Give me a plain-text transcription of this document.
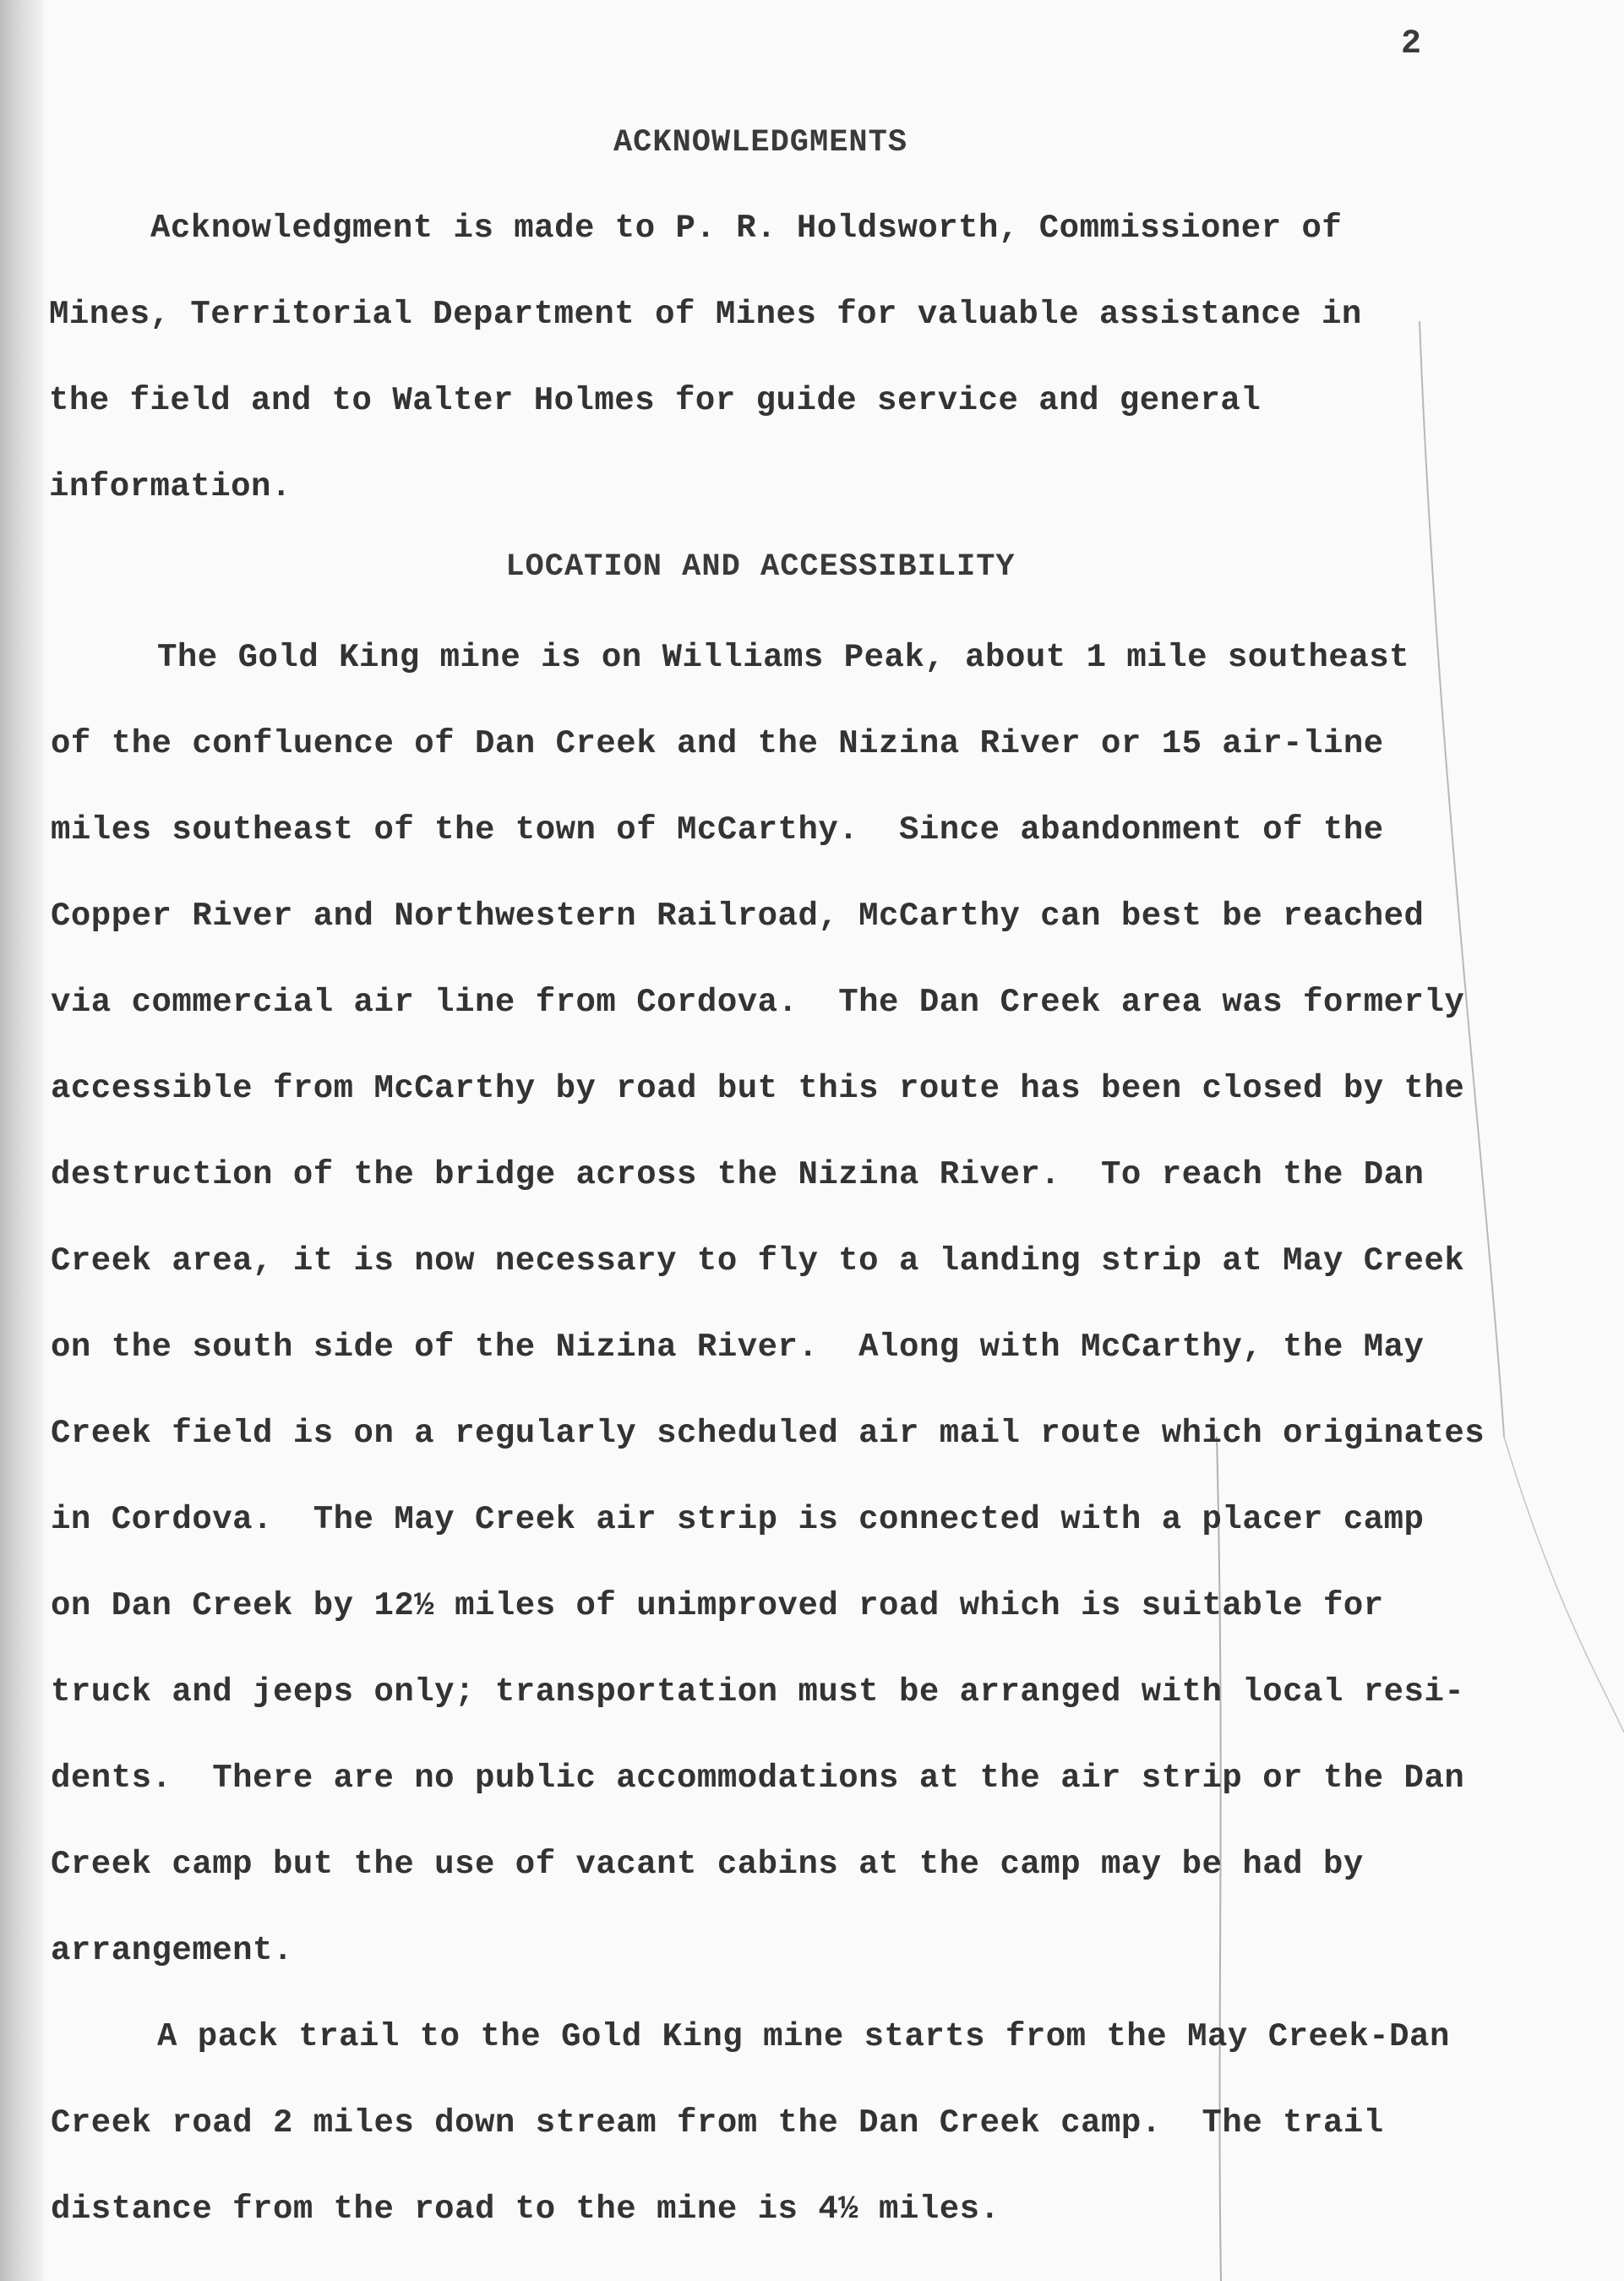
2
ACKNOWLEDGMENTS
Acknowledgment is made to P. R. Holdsworth, Commissioner of
Mines, Territorial Department of Mines for valuable assistance in
the field and to Walter Holmes for guide service and general
information.
LOCATION AND ACCESSIBILITY
The Gold King mine is on Williams Peak, about 1 mile southeast
of the confluence of Dan Creek and the Nizina River or 15 air-line
miles southeast of the town of McCarthy.  Since abandonment of the
Copper River and Northwestern Railroad, McCarthy can best be reached
via commercial air line from Cordova.  The Dan Creek area was formerly
accessible from McCarthy by road but this route has been closed by the
destruction of the bridge across the Nizina River.  To reach the Dan
Creek area, it is now necessary to fly to a landing strip at May Creek
on the south side of the Nizina River.  Along with McCarthy, the May
Creek field is on a regularly scheduled air mail route which originates
in Cordova.  The May Creek air strip is connected with a placer camp
on Dan Creek by 12½ miles of unimproved road which is suitable for
truck and jeeps only; transportation must be arranged with local resi-
dents.  There are no public accommodations at the air strip or the Dan
Creek camp but the use of vacant cabins at the camp may be had by
arrangement.
A pack trail to the Gold King mine starts from the May Creek-Dan
Creek road 2 miles down stream from the Dan Creek camp.  The trail
distance from the road to the mine is 4½ miles.
